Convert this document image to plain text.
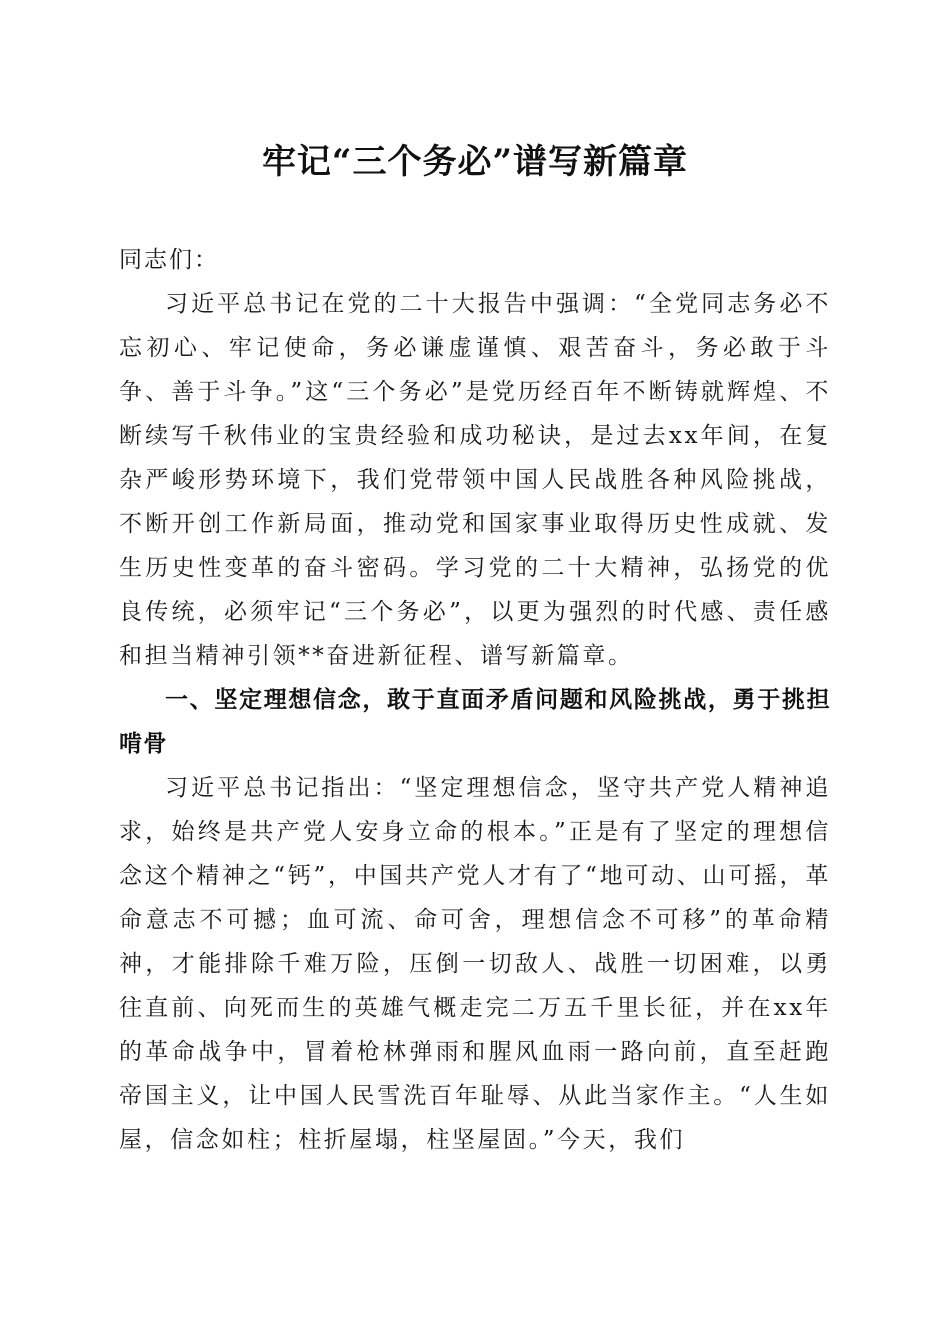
牢记“三个务必”谱写新篇章

同志们：

习近平总书记在党的二十大报告中强调：“全党同志务必不忘初心、牢记使命，务必谦虚谨慎、艰苦奋斗，务必敢于斗争、善于斗争。”这“三个务必”是党历经百年不断铸就辉煌、不断续写千秋伟业的宝贵经验和成功秘诀，是过去xx年间，在复杂严峻形势环境下，我们党带领中国人民战胜各种风险挑战，不断开创工作新局面，推动党和国家事业取得历史性成就、发生历史性变革的奋斗密码。学习党的二十大精神，弘扬党的优良传统，必须牢记“三个务必”，以更为强烈的时代感、责任感和担当精神引领**奋进新征程、谱写新篇章。

一、坚定理想信念，敢于直面矛盾问题和风险挑战，勇于挑担啃骨

习近平总书记指出：“坚定理想信念，坚守共产党人精神追求，始终是共产党人安身立命的根本。”正是有了坚定的理想信念这个精神之“钙”，中国共产党人才有了“地可动、山可摇，革命意志不可撼；血可流、命可舍，理想信念不可移”的革命精神，才能排除千难万险，压倒一切敌人、战胜一切困难，以勇往直前、向死而生的英雄气概走完二万五千里长征，并在xx年的革命战争中，冒着枪林弹雨和腥风血雨一路向前，直至赶跑帝国主义，让中国人民雪洗百年耻辱、从此当家作主。“人生如屋，信念如柱；柱折屋塌，柱坚屋固。”今天，我们
